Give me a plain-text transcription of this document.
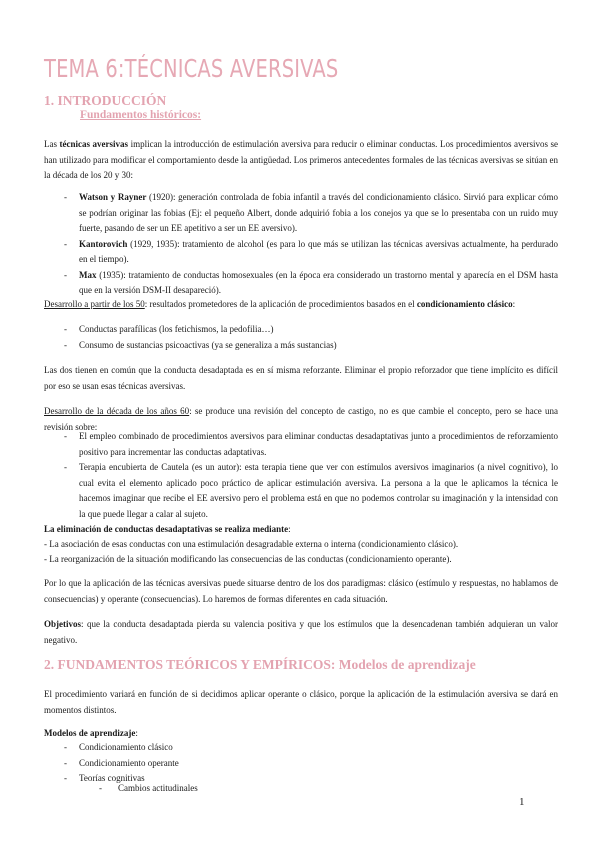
TEMA 6:TÉCNICAS AVERSIVAS
1. INTRODUCCIÓN
Fundamentos históricos:

Las técnicas aversivas implican la introducción de estimulación aversiva para reducir o eliminar conductas. Los procedimientos aversivos se han utilizado para modificar el comportamiento desde la antigüedad. Los primeros antecedentes formales de las técnicas aversivas se sitúan en la década de los 20 y 30:

- Watson y Rayner (1920): generación controlada de fobia infantil a través del condicionamiento clásico. Sirvió para explicar cómo se podrían originar las fobias (Ej: el pequeño Albert, donde adquirió fobia a los conejos ya que se lo presentaba con un ruido muy fuerte, pasando de ser un EE apetitivo a ser un EE aversivo).
- Kantorovich (1929, 1935): tratamiento de alcohol (es para lo que más se utilizan las técnicas aversivas actualmente, ha perdurado en el tiempo).
- Max (1935): tratamiento de conductas homosexuales (en la época era considerado un trastorno mental y aparecía en el DSM hasta que en la versión DSM-II desapareció).

Desarrollo a partir de los 50: resultados prometedores de la aplicación de procedimientos basados en el condicionamiento clásico:

- Conductas parafílicas (los fetichismos, la pedofilia…)
- Consumo de sustancias psicoactivas (ya se generaliza a más sustancias)

Las dos tienen en común que la conducta desadaptada es en sí misma reforzante. Eliminar el propio reforzador que tiene implícito es difícil por eso se usan esas técnicas aversivas.

Desarrollo de la década de los años 60: se produce una revisión del concepto de castigo, no es que cambie el concepto, pero se hace una revisión sobre:

- El empleo combinado de procedimientos aversivos para eliminar conductas desadaptativas junto a procedimientos de reforzamiento positivo para incrementar las conductas adaptativas.
- Terapia encubierta de Cautela (es un autor): esta terapia tiene que ver con estímulos aversivos imaginarios (a nivel cognitivo), lo cual evita el elemento aplicado poco práctico de aplicar estimulación aversiva. La persona a la que le aplicamos la técnica le hacemos imaginar que recibe el EE aversivo pero el problema está en que no podemos controlar su imaginación y la intensidad con la que puede llegar a calar al sujeto.

La eliminación de conductas desadaptativas se realiza mediante:

- La asociación de esas conductas con una estimulación desagradable externa o interna (condicionamiento clásico).

- La reorganización de la situación modificando las consecuencias de las conductas (condicionamiento operante).

Por lo que la aplicación de las técnicas aversivas puede situarse dentro de los dos paradigmas: clásico (estímulo y respuestas, no hablamos de consecuencias) y operante (consecuencias). Lo haremos de formas diferentes en cada situación.

Objetivos: que la conducta desadaptada pierda su valencia positiva y que los estímulos que la desencadenan también adquieran un valor negativo.

2. FUNDAMENTOS TEÓRICOS Y EMPÍRICOS: Modelos de aprendizaje

El procedimiento variará en función de si decidimos aplicar operante o clásico, porque la aplicación de la estimulación aversiva se dará en momentos distintos.

Modelos de aprendizaje:

- Condicionamiento clásico
- Condicionamiento operante
- Teorías cognitivas
- Cambios actitudinales
1
